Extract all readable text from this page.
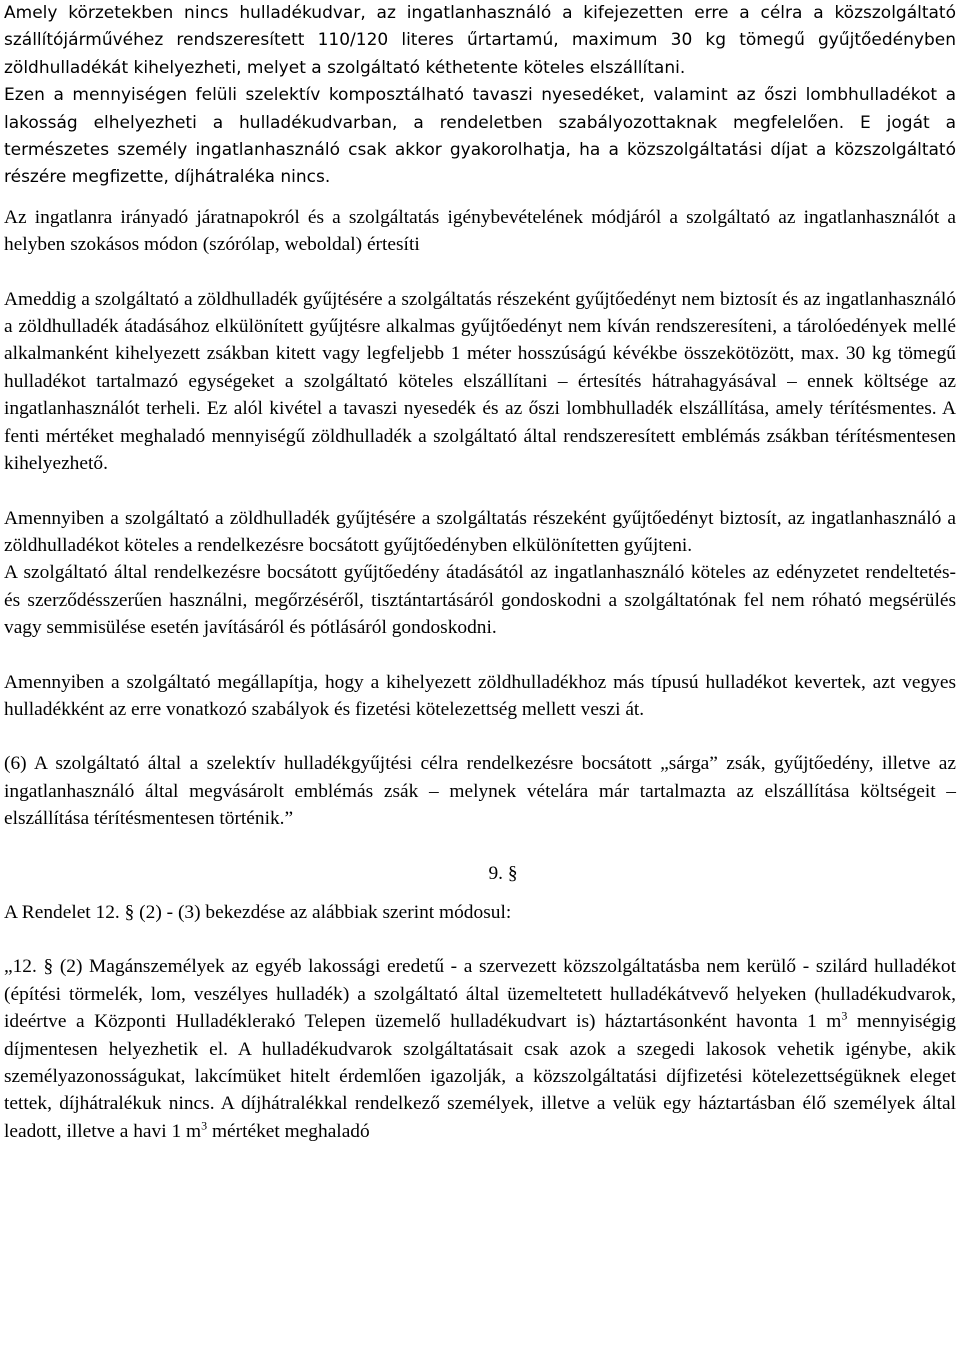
Amely körzetekben nincs hulladékudvar, az ingatlanhasználó a kifejezetten erre a célra a közszolgáltató szállítójárművéhez rendszeresített 110/120 literes űrtartamú, maximum 30 kg tömegű gyűjtőedényben zöldhulladékát kihelyezheti, melyet a szolgáltató kéthetente köteles elszállítani.

Ezen a mennyiségen felüli szelektív komposztálható tavaszi nyesedéket, valamint az őszi lombhulladékot a lakosság elhelyezheti a hulladékudvarban, a rendeletben szabályozottaknak megfelelően. E jogát a természetes személy ingatlanhasználó csak akkor gyakorolhatja, ha a közszolgáltatási díjat a közszolgáltató részére megfizette, díjhátraléka nincs.

Az ingatlanra irányadó járatnapokról és a szolgáltatás igénybevételének módjáról a szolgáltató az ingatlanhasználót a helyben szokásos módon (szórólap, weboldal) értesíti

Ameddig a szolgáltató a zöldhulladék gyűjtésére a szolgáltatás részeként gyűjtőedényt nem biztosít és az ingatlanhasználó a zöldhulladék átadásához elkülönített gyűjtésre alkalmas gyűjtőedényt nem kíván rendszeresíteni, a tárolóedények mellé alkalmanként kihelyezett zsákban kitett vagy legfeljebb 1 méter hosszúságú kévékbe összekötözött, max. 30 kg tömegű hulladékot tartalmazó egységeket a szolgáltató köteles elszállítani – értesítés hátrahagyásával – ennek költsége az ingatlanhasználót terheli. Ez alól kivétel a tavaszi nyesedék és az őszi lombhulladék elszállítása, amely térítésmentes. A fenti mértéket meghaladó mennyiségű zöldhulladék a szolgáltató által rendszeresített emblémás zsákban térítésmentesen kihelyezhető.

Amennyiben a szolgáltató a zöldhulladék gyűjtésére a szolgáltatás részeként gyűjtőedényt biztosít, az ingatlanhasználó a zöldhulladékot köteles a rendelkezésre bocsátott gyűjtőedényben elkülönítetten gyűjteni.

A szolgáltató által rendelkezésre bocsátott gyűjtőedény átadásától az ingatlanhasználó köteles az edényzetet rendeltetés- és szerződésszerűen használni, megőrzéséről, tisztántartásáról gondoskodni a szolgáltatónak fel nem róható megsérülés vagy semmisülése esetén javításáról és pótlásáról gondoskodni.

Amennyiben a szolgáltató megállapítja, hogy a kihelyezett zöldhulladékhoz más típusú hulladékot kevertek, azt vegyes hulladékként az erre vonatkozó szabályok és fizetési kötelezettség mellett veszi át.

(6) A szolgáltató által a szelektív hulladékgyűjtési célra rendelkezésre bocsátott „sárga” zsák, gyűjtőedény, illetve az ingatlanhasználó által megvásárolt emblémás zsák – melynek vételára már tartalmazta az elszállítása költségeit – elszállítása térítésmentesen történik.”

9. §

A Rendelet 12. § (2) - (3) bekezdése az alábbiak szerint módosul:

„12. § (2) Magánszemélyek az egyéb lakossági eredetű - a szervezett közszolgáltatásba nem kerülő - szilárd hulladékot (építési törmelék, lom, veszélyes hulladék) a szolgáltató által üzemeltetett hulladékátvevő helyeken (hulladékudvarok, ideértve a Központi Hulladéklerakó Telepen üzemelő hulladékudvart is) háztartásonként havonta 1 $m^3$ mennyiségig díjmentesen helyezhetik el. A hulladékudvarok szolgáltatásait csak azok a szegedi lakosok vehetik igénybe, akik személyazonosságukat, lakcímüket hitelt érdemlően igazolják, a közszolgáltatási díjfizetési kötelezettségüknek eleget tettek, díjhátralékuk nincs. A díjhátralékkal rendelkező személyek, illetve a velük egy háztartásban élő személyek által leadott, illetve a havi 1 $m^3$ mértéket meghaladó
